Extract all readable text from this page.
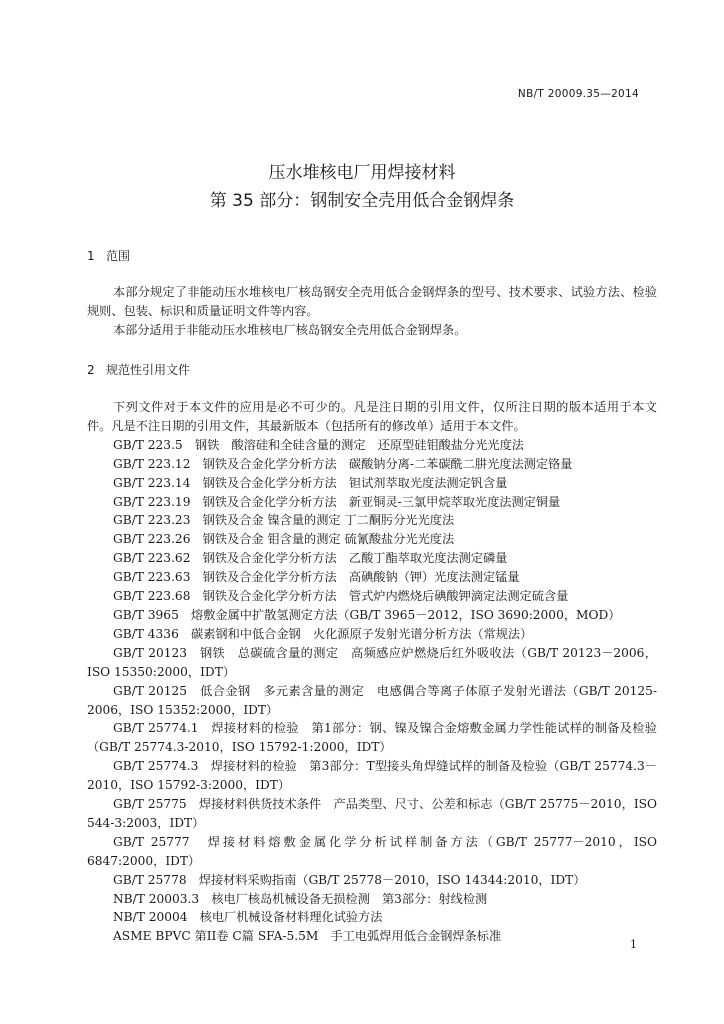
NB/T 20009.35—2014
压水堆核电厂用焊接材料
第 35 部分：钢制安全壳用低合金钢焊条
1 范围

本部分规定了非能动压水堆核电厂核岛钢安全壳用低合金钢焊条的型号、技术要求、试验方法、检验规则、包装、标识和质量证明文件等内容。

本部分适用于非能动压水堆核电厂核岛钢安全壳用低合金钢焊条。

2 规范性引用文件

下列文件对于本文件的应用是必不可少的。凡是注日期的引用文件，仅所注日期的版本适用于本文件。凡是不注日期的引用文件，其最新版本（包括所有的修改单）适用于本文件。

GB/T 223.5　钢铁　酸溶硅和全硅含量的测定　还原型硅钼酸盐分光光度法

GB/T 223.12　钢铁及合金化学分析方法　碳酸钠分离-二苯碳酰二肼光度法测定铬量

GB/T 223.14　钢铁及合金化学分析方法　钽试剂萃取光度法测定钒含量

GB/T 223.19　钢铁及合金化学分析方法　新亚铜灵-三氯甲烷萃取光度法测定铜量

GB/T 223.23　钢铁及合金 镍含量的测定 丁二酮肟分光光度法

GB/T 223.26　钢铁及合金 钼含量的测定 硫氰酸盐分光光度法

GB/T 223.62　钢铁及合金化学分析方法　乙酸丁酯萃取光度法测定磷量

GB/T 223.63　钢铁及合金化学分析方法　高碘酸钠（钾）光度法测定锰量

GB/T 223.68　钢铁及合金化学分析方法　管式炉内燃烧后碘酸钾滴定法测定硫含量

GB/T 3965　熔敷金属中扩散氢测定方法（GB/T 3965－2012，ISO 3690:2000，MOD）

GB/T 4336　碳素钢和中低合金钢　火化源原子发射光谱分析方法（常规法）

GB/T 20123　钢铁　总碳硫含量的测定　高频感应炉燃烧后红外吸收法（GB/T 20123－2006，ISO 15350:2000，IDT）

GB/T 20125　低合金钢　多元素含量的测定　电感偶合等离子体原子发射光谱法（GB/T 20125-2006，ISO 15352:2000，IDT）

GB/T 25774.1　焊接材料的检验　第1部分：钢、镍及镍合金熔敷金属力学性能试样的制备及检验（GB/T 25774.3-2010，ISO 15792-1:2000，IDT）

GB/T 25774.3　焊接材料的检验　第3部分：T型接头角焊缝试样的制备及检验（GB/T 25774.3－2010，ISO 15792-3:2000，IDT）

GB/T 25775　焊接材料供货技术条件　产品类型、尺寸、公差和标志（GB/T 25775－2010，ISO 544-3:2003，IDT）

GB/T 25777　焊接材料熔敷金属化学分析试样制备方法（GB/T 25777－2010，ISO 6847:2000，IDT）

GB/T 25778　焊接材料采购指南（GB/T 25778－2010，ISO 14344:2010，IDT）

NB/T 20003.3　核电厂核岛机械设备无损检测　第3部分：射线检测

NB/T 20004　核电厂机械设备材料理化试验方法

ASME BPVC 第II卷 C篇 SFA-5.5M　手工电弧焊用低合金钢焊条标准

1
